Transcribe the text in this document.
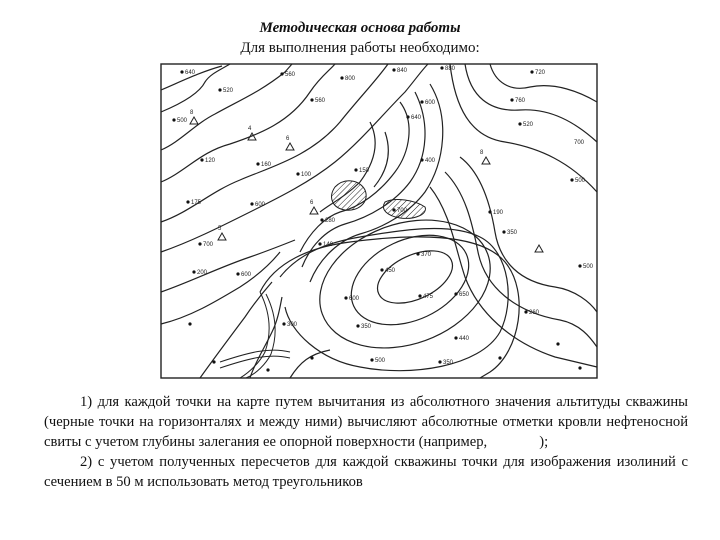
Методическая основа работы
Для выполнения работы необходимо:
640	560
800
840	880
720
520
560	600	760
500
8
4
640
520
700
120
160
100
150
400
6
500
8
5
600
700
175
280
190
6
700
350
140
500
370
200	600
450
475	650
260
600
300
440
350
500	350

1) для каждой точки на карте путем вычитания из абсолютного значения альтитуды скважины (черные точки на горизонталях и между ними) вычисляют абсолютные отметки кровли нефтеносной свиты с учетом глубины залегания ее опорной поверхности (например,	);

2) с учетом полученных пересчетов для каждой скважины точки для изображения изолиний с сечением в 50 м использовать метод треугольников
